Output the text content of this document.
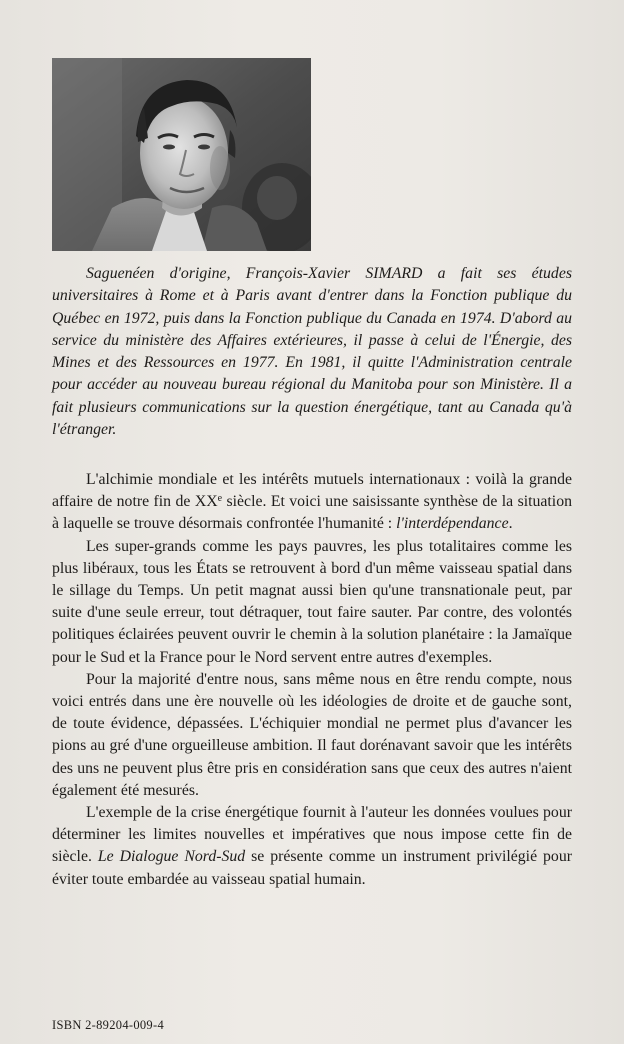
Saguenéen d'origine, François-Xavier SIMARD a fait ses études universitaires à Rome et à Paris avant d'entrer dans la Fonction publique du Québec en 1972, puis dans la Fonction publique du Canada en 1974. D'abord au service du ministère des Affaires extérieures, il passe à celui de l'Énergie, des Mines et des Ressources en 1977. En 1981, il quitte l'Administration centrale pour accéder au nouveau bureau régional du Manitoba pour son Ministère. Il a fait plusieurs communications sur la question énergétique, tant au Canada qu'à l'étranger.

L'alchimie mondiale et les intérêts mutuels internationaux : voilà la grande affaire de notre fin de XXe siècle. Et voici une saisissante synthèse de la situation à laquelle se trouve désormais confrontée l'humanité : l'interdépendance.

Les super-grands comme les pays pauvres, les plus totalitaires comme les plus libéraux, tous les États se retrouvent à bord d'un même vaisseau spatial dans le sillage du Temps. Un petit magnat aussi bien qu'une transnationale peut, par suite d'une seule erreur, tout détraquer, tout faire sauter. Par contre, des volontés politiques éclairées peuvent ouvrir le chemin à la solution planétaire : la Jamaïque pour le Sud et la France pour le Nord servent entre autres d'exemples.

Pour la majorité d'entre nous, sans même nous en être rendu compte, nous voici entrés dans une ère nouvelle où les idéologies de droite et de gauche sont, de toute évidence, dépassées. L'échiquier mondial ne permet plus d'avancer les pions au gré d'une orgueilleuse ambition. Il faut dorénavant savoir que les intérêts des uns ne peuvent plus être pris en considération sans que ceux des autres n'aient également été mesurés.

L'exemple de la crise énergétique fournit à l'auteur les données voulues pour déterminer les limites nouvelles et impératives que nous impose cette fin de siècle. Le Dialogue Nord-Sud se présente comme un instrument privilégié pour éviter toute embardée au vaisseau spatial humain.

ISBN 2-89204-009-4
